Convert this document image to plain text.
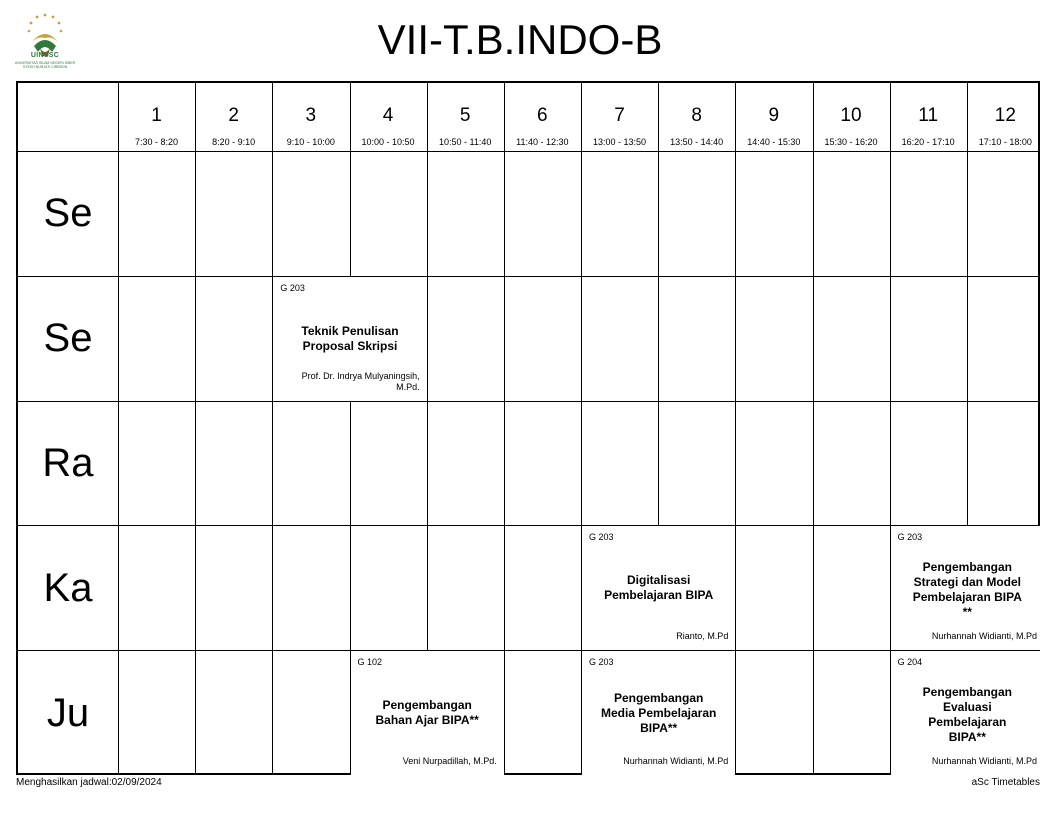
UINSSC
UNIVERSITAS ISLAM NEGERI SIBER SYEKH NURJATI CIREBON
VII-T.B.INDO-B
1
7:30 - 8:20
2
8:20 - 9:10
3
9:10 - 10:00
4
10:00 - 10:50
5
10:50 - 11:40
6
11:40 - 12:30
7
13:00 - 13:50
8
13:50 - 14:40
9
14:40 - 15:30
10
15:30 - 16:20
11
16:20 - 17:10
12
17:10 - 18:00
Se
Se
Ra
Ka
Ju
G 203
Teknik Penulisan
Proposal Skripsi
Prof. Dr. Indrya Mulyaningsih,
M.Pd.
G 203
Digitalisasi
Pembelajaran BIPA
Rianto, M.Pd
G 203
Pengembangan
Strategi dan Model
Pembelajaran BIPA
**
Nurhannah Widianti, M.Pd
G 102
Pengembangan
Bahan Ajar BIPA**
Veni Nurpadillah, M.Pd.
G 203
Pengembangan
Media Pembelajaran
BIPA**
Nurhannah Widianti, M.Pd
G 204
Pengembangan
Evaluasi
Pembelajaran
BIPA**
Nurhannah Widianti, M.Pd
Menghasilkan jadwal:02/09/2024	aSc Timetables
